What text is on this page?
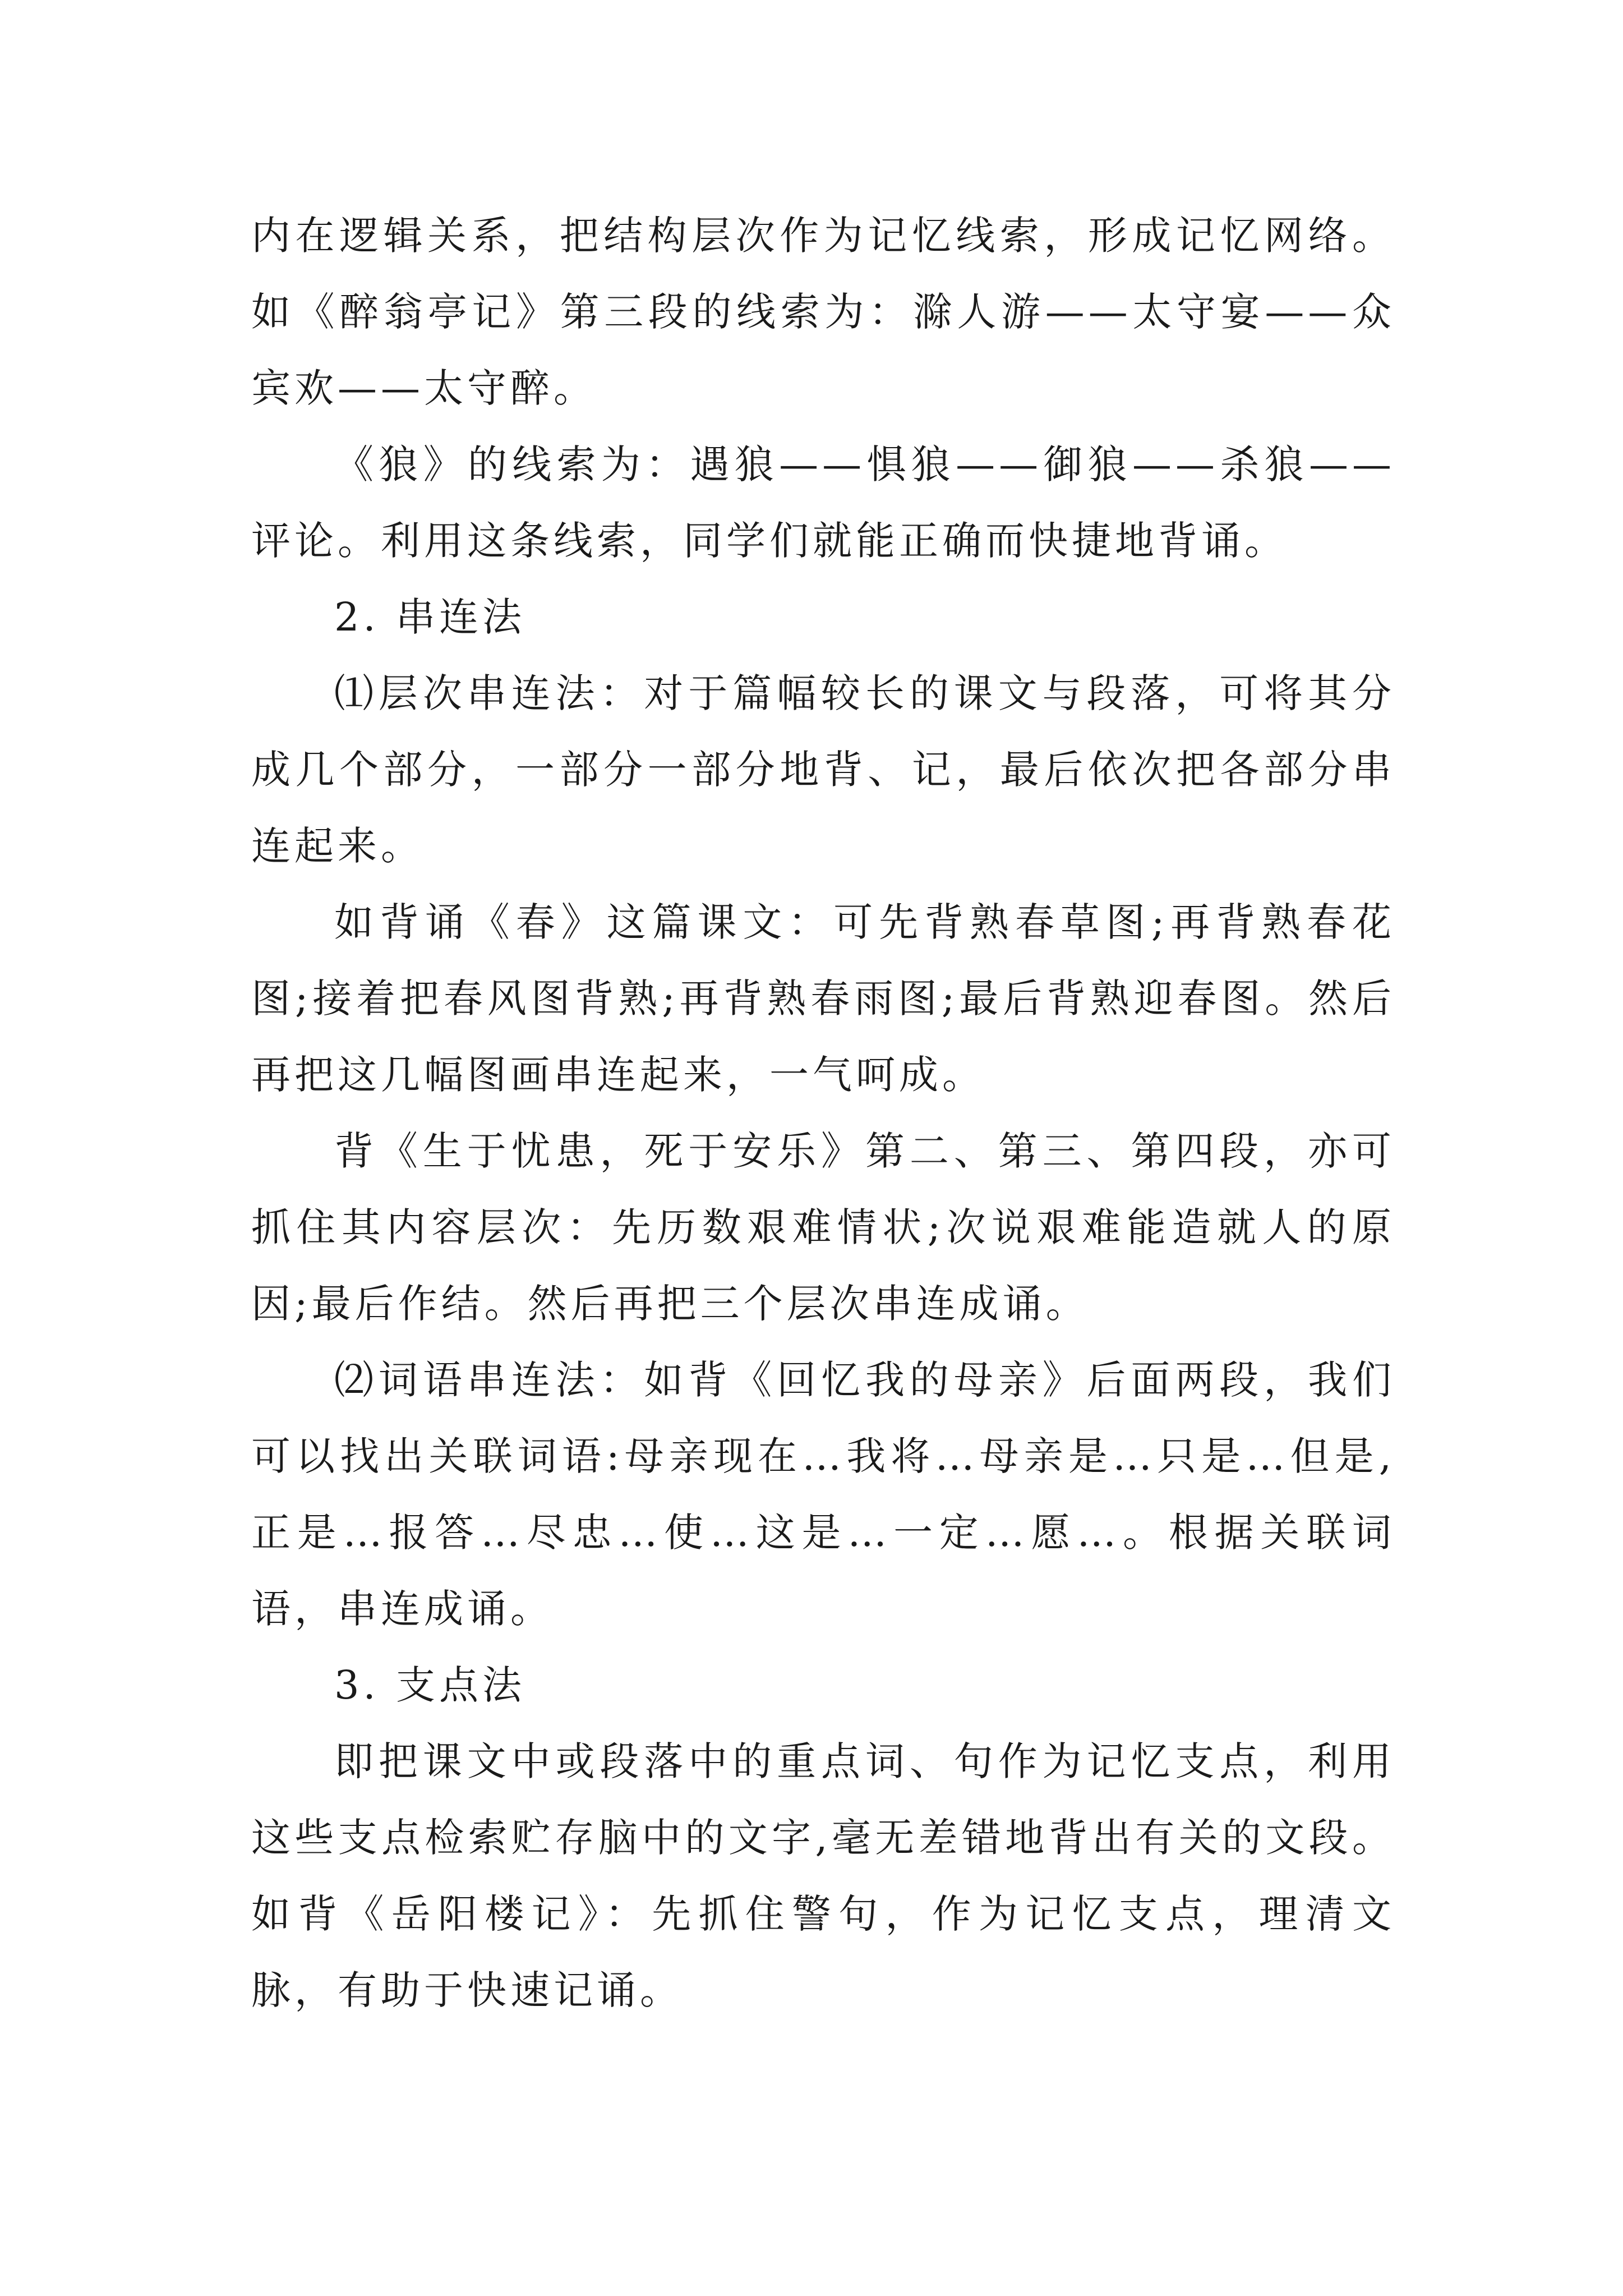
内在逻辑关系，把结构层次作为记忆线索，形成记忆网络。如《醉翁亭记》第三段的线索为：滁人游——太守宴——众宾欢——太守醉。

《狼》的线索为：遇狼——惧狼——御狼——杀狼——评论。利用这条线索，同学们就能正确而快捷地背诵。

2. 串连法

⑴层次串连法：对于篇幅较长的课文与段落，可将其分成几个部分，一部分一部分地背、记，最后依次把各部分串连起来。

如背诵《春》这篇课文：可先背熟春草图;再背熟春花图;接着把春风图背熟;再背熟春雨图;最后背熟迎春图。然后再把这几幅图画串连起来，一气呵成。

背《生于忧患，死于安乐》第二、第三、第四段，亦可抓住其内容层次：先历数艰难情状;次说艰难能造就人的原因;最后作结。然后再把三个层次串连成诵。

⑵词语串连法：如背《回忆我的母亲》后面两段，我们可以找出关联词语:母亲现在…我将…母亲是…只是…但是,正是…报答…尽忠…使…这是…一定…愿…。根据关联词语，串连成诵。

3. 支点法

即把课文中或段落中的重点词、句作为记忆支点，利用这些支点检索贮存脑中的文字,毫无差错地背出有关的文段。如背《岳阳楼记》：先抓住警句，作为记忆支点，理清文脉，有助于快速记诵。
